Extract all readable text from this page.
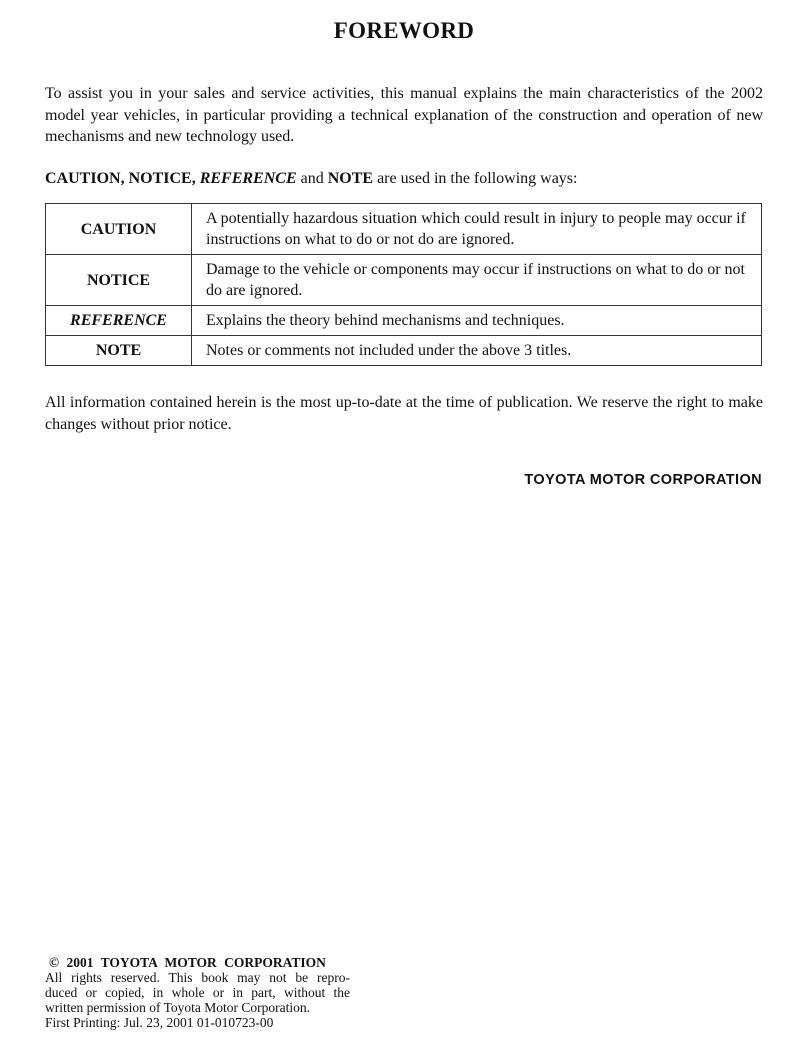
FOREWORD
To assist you in your sales and service activities, this manual explains the main characteristics of the 2002 model year vehicles, in particular providing a technical explanation of the construction and operation of new mechanisms and new technology used.
CAUTION, NOTICE, REFERENCE and NOTE are used in the following ways:
CAUTION	A potentially hazardous situation which could result in injury to people may occur if instructions on what to do or not do are ignored.
NOTICE	Damage to the vehicle or components may occur if instructions on what to do or not do are ignored.
REFERENCE	Explains the theory behind mechanisms and techniques.
NOTE	Notes or comments not included under the above 3 titles.
All information contained herein is the most up-to-date at the time of publication. We reserve the right to make changes without prior notice.
TOYOTA MOTOR CORPORATION
© 2001 TOYOTA MOTOR CORPORATION
All rights reserved. This book may not be repro-
duced or copied, in whole or in part, without the
written permission of Toyota Motor Corporation.
First Printing: Jul. 23, 2001 01-010723-00
